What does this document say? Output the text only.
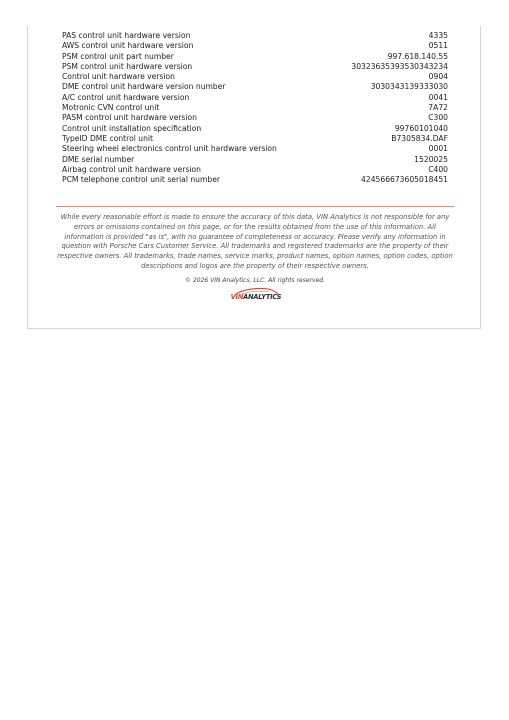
PAS control unit hardware version	4335
AWS control unit hardware version	0511
PSM control unit part number	997.618.140.55
PSM control unit hardware version	30323635393530343234
Control unit hardware version	0904
DME control unit hardware version number	3030343139333030
A/C control unit hardware version	0041
Motronic CVN control unit	7A72
PASM control unit hardware version	C300
Control unit installation specification	99760101040
TypeID DME control unit	B7305834.DAF
Steering wheel electronics control unit hardware version	0001
DME serial number	1520025
Airbag control unit hardware version	C400
PCM telephone control unit serial number	424566673605018451
While every reasonable effort is made to ensure the accuracy of this data, VIN Analytics is not responsible for any errors or omissions contained on this page, or for the results obtained from the use of this information. All information is provided "as is", with no guarantee of completeness or accuracy. Please verify any information in question with Porsche Cars Customer Service. All trademarks and registered trademarks are the property of their respective owners. All trademarks, trade names, service marks, product names, option names, option codes, option descriptions and logos are the property of their respective owners.
© 2026 VIN Analytics, LLC. All rights reserved.
VINANALYTICS
